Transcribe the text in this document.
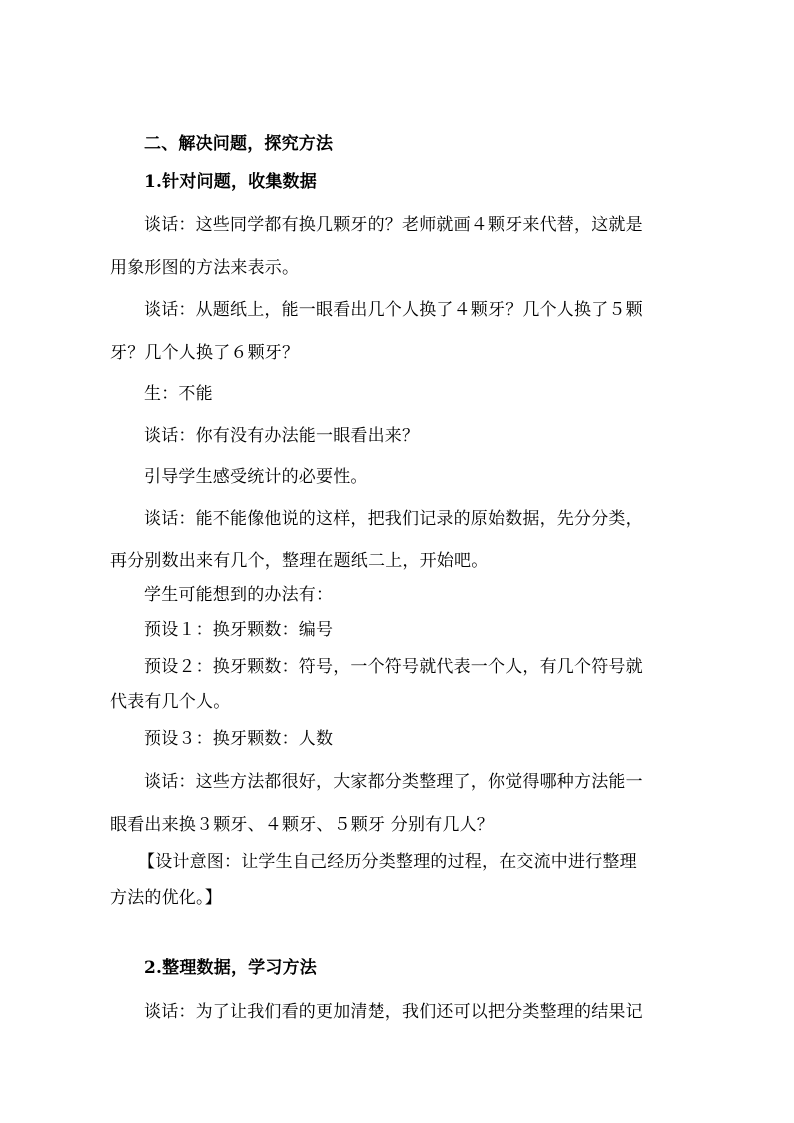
二、解决问题，探究方法
1.针对问题，收集数据
谈话：这些同学都有换几颗牙的？老师就画４颗牙来代替，这就是
用象形图的方法来表示。
谈话：从题纸上，能一眼看出几个人换了４颗牙？几个人换了５颗
牙？几个人换了６颗牙？
生：不能
谈话：你有没有办法能一眼看出来？
引导学生感受统计的必要性。
谈话：能不能像他说的这样，把我们记录的原始数据，先分分类，
再分别数出来有几个，整理在题纸二上，开始吧。
学生可能想到的办法有：
预设１：换牙颗数：编号
预设２：换牙颗数：符号，一个符号就代表一个人，有几个符号就
代表有几个人。
预设３：换牙颗数：人数
谈话：这些方法都很好，大家都分类整理了，你觉得哪种方法能一
眼看出来换３颗牙、４颗牙、５颗牙 分别有几人？
【设计意图：让学生自己经历分类整理的过程，在交流中进行整理
方法的优化。】
2.整理数据，学习方法
谈话：为了让我们看的更加清楚，我们还可以把分类整理的结果记
